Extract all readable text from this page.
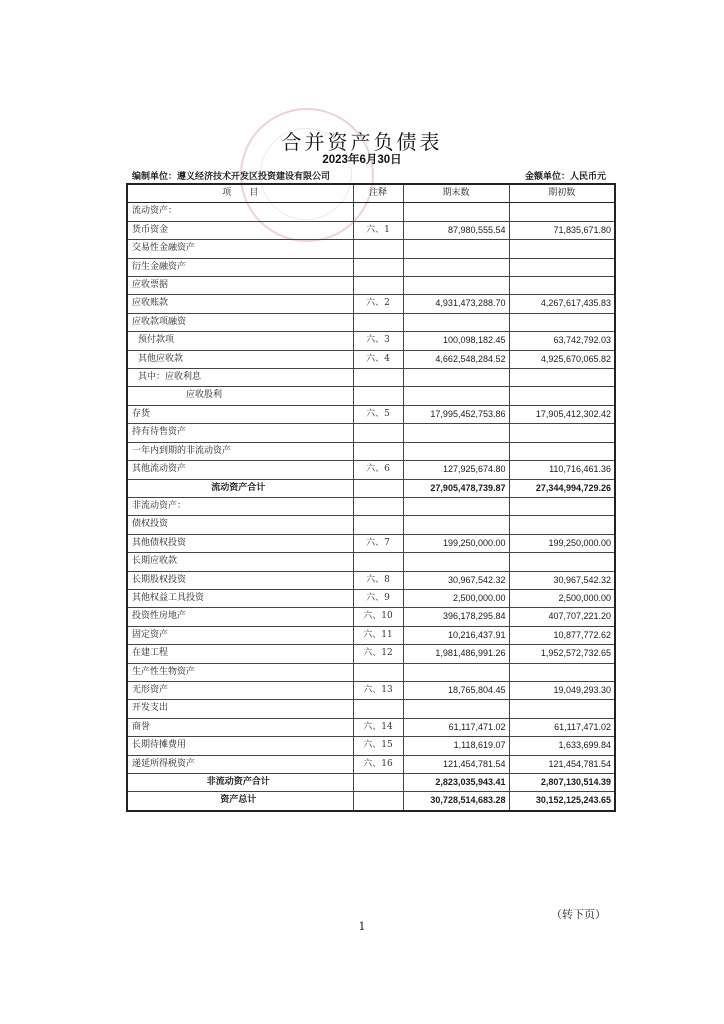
合并资产负债表
2023年6月30日
编制单位：遵义经济技术开发区投资建设有限公司	金额单位：人民币元
项　　目	注释	期末数	期初数
流动资产：			
货币资金	六、1	87,980,555.54	71,835,671.80
交易性金融资产			
衍生金融资产			
应收票据			
应收账款	六、2	4,931,473,288.70	4,267,617,435.83
应收款项融资			
预付款项	六、3	100,098,182.45	63,742,792.03
其他应收款	六、4	4,662,548,284.52	4,925,670,065.82
其中：应收利息			
应收股利			
存货	六、5	17,995,452,753.86	17,905,412,302.42
持有待售资产			
一年内到期的非流动资产			
其他流动资产	六、6	127,925,674.80	110,716,461.36
流动资产合计		27,905,478,739.87	27,344,994,729.26
非流动资产：			
债权投资			
其他债权投资	六、7	199,250,000.00	199,250,000.00
长期应收款			
长期股权投资	六、8	30,967,542.32	30,967,542.32
其他权益工具投资	六、9	2,500,000.00	2,500,000.00
投资性房地产	六、10	396,178,295.84	407,707,221.20
固定资产	六、11	10,216,437.91	10,877,772.62
在建工程	六、12	1,981,486,991.26	1,952,572,732.65
生产性生物资产			
无形资产	六、13	18,765,804.45	19,049,293.30
开发支出			
商誉	六、14	61,117,471.02	61,117,471.02
长期待摊费用	六、15	1,118,619.07	1,633,699.84
递延所得税资产	六、16	121,454,781.54	121,454,781.54
非流动资产合计		2,823,035,943.41	2,807,130,514.39
资产总计		30,728,514,683.28	30,152,125,243.65
（转下页）
1
